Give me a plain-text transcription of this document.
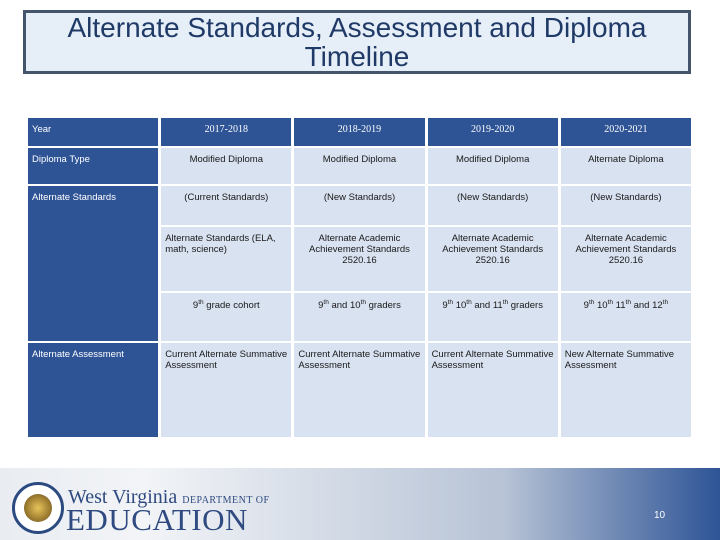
Alternate Standards, Assessment and Diploma
Timeline
Year	2017-2018	2018-2019	2019-2020	2020-2021
Diploma Type	Modified Diploma	Modified Diploma	Modified Diploma	Alternate Diploma
Alternate Standards	(Current Standards)	(New Standards)	(New Standards)	(New Standards)
	Alternate Standards (ELA, math, science)	Alternate Academic Achievement Standards 2520.16	Alternate Academic Achievement Standards 2520.16	Alternate Academic Achievement Standards 2520.16
	9th grade cohort	9th and 10th graders	9th 10th and 11th graders	9th 10th 11th and 12th
Alternate Assessment	Current Alternate Summative Assessment	Current Alternate Summative Assessment	Current Alternate Summative Assessment	New Alternate Summative Assessment
West Virginia DEPARTMENT OF
EDUCATION	10
